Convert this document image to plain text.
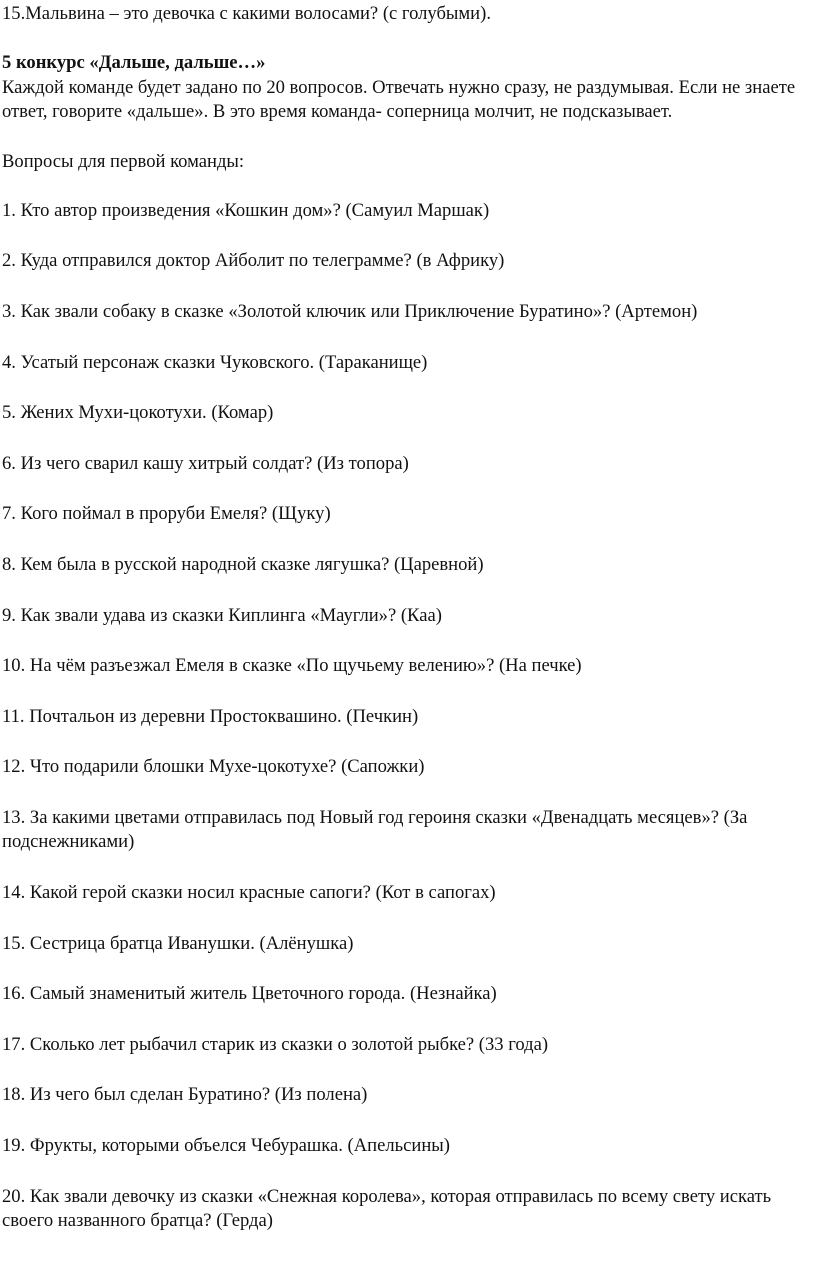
15.Мальвина – это девочка с какими волосами? (с голубыми).

5 конкурс «Дальше, дальше…»

Каждой команде будет задано по 20 вопросов. Отвечать нужно сразу, не раздумывая. Если не знаете ответ, говорите «дальше». В это время команда- соперница молчит, не подсказывает.

Вопросы для первой команды:

1. Кто автор произведения «Кошкин дом»? (Самуил Маршак)

2. Куда отправился доктор Айболит по телеграмме? (в Африку)

3. Как звали собаку в сказке «Золотой ключик или Приключение Буратино»? (Артемон)

4. Усатый персонаж сказки Чуковского. (Тараканище)

5. Жених Мухи-цокотухи. (Комар)

6. Из чего сварил кашу хитрый солдат? (Из топора)

7. Кого поймал в проруби Емеля? (Щуку)

8. Кем была в русской народной сказке лягушка? (Царевной)

9. Как звали удава из сказки Киплинга «Маугли»? (Каа)

10. На чём разъезжал Емеля в сказке «По щучьему велению»? (На печке)

11. Почтальон из деревни Простоквашино. (Печкин)

12. Что подарили блошки Мухе-цокотухе? (Сапожки)

13. За какими цветами отправилась под Новый год героиня сказки «Двенадцать месяцев»? (За подснежниками)

14. Какой герой сказки носил красные сапоги? (Кот в сапогах)

15. Сестрица братца Иванушки. (Алёнушка)

16. Самый знаменитый житель Цветочного города. (Незнайка)

17. Сколько лет рыбачил старик из сказки о золотой рыбке? (33 года)

18. Из чего был сделан Буратино? (Из полена)

19. Фрукты, которыми объелся Чебурашка. (Апельсины)

20. Как звали девочку из сказки «Снежная королева», которая отправилась по всему свету искать своего названного братца? (Герда)
